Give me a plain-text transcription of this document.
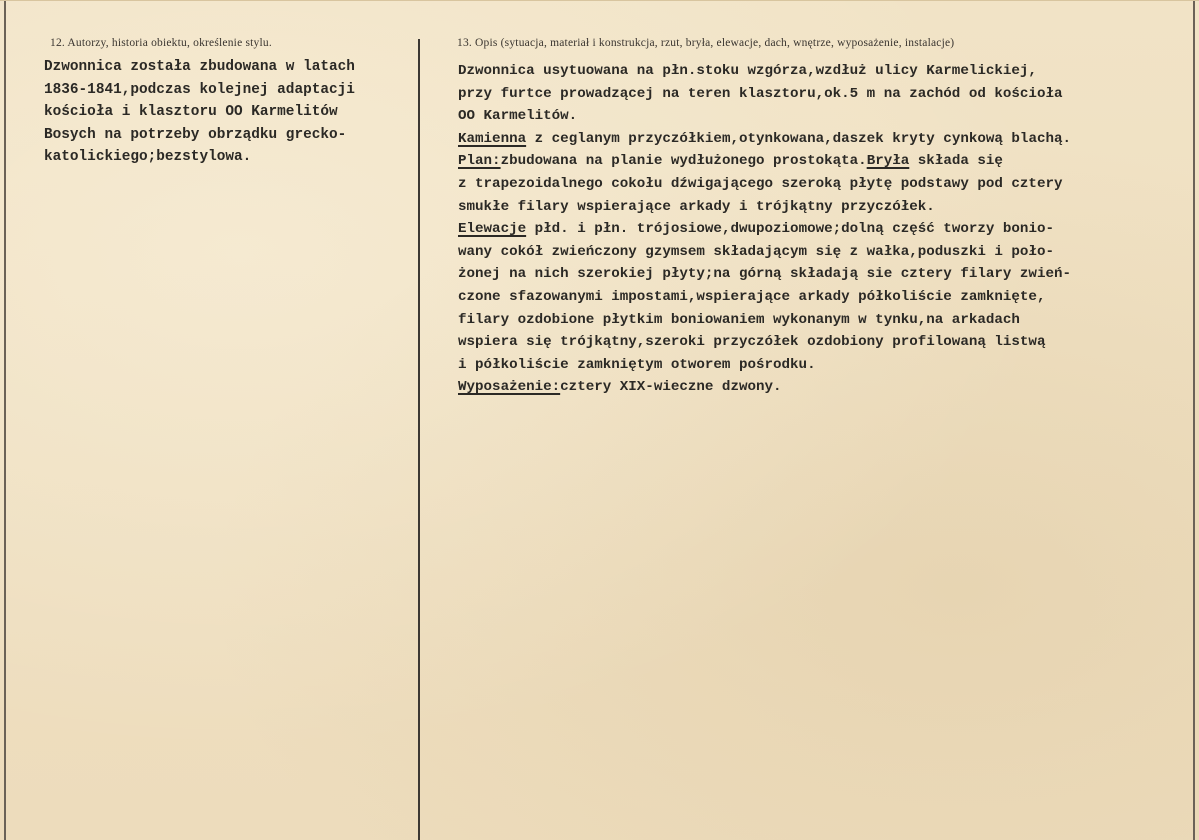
12. Autorzy, historia obiektu, określenie stylu.	13. Opis (sytuacja, materiał i konstrukcja, rzut, bryła, elewacje, dach, wnętrze, wyposażenie, instalacje)
Dzwonnica została zbudowana w latach
1836-1841,podczas kolejnej adaptacji
kościoła i klasztoru OO Karmelitów
Bosych na potrzeby obrządku grecko-
katolickiego;bezstylowa.
Dzwonnica usytuowana na płn.stoku wzgórza,wzdłuż ulicy Karmelickiej,
przy furtce prowadzącej na teren klasztoru,ok.5 m na zachód od kościoła
OO Karmelitów.
Kamienna z ceglanym przyczółkiem,otynkowana,daszek kryty cynkową blachą.
Plan:zbudowana na planie wydłużonego prostokąta.Bryła składa się
z trapezoidalnego cokołu dźwigającego szeroką płytę podstawy pod cztery
smukłe filary wspierające arkady i trójkątny przyczółek.
Elewacje płd. i płn. trójosiowe,dwupoziomowe;dolną część tworzy bonio-
wany cokół zwieńczony gzymsem składającym się z wałka,poduszki i poło-
żonej na nich szerokiej płyty;na górną składają sie cztery filary zwień-
czone sfazowanymi impostami,wspierające arkady półkoliście zamknięte,
filary ozdobione płytkim boniowaniem wykonanym w tynku,na arkadach
wspiera się trójkątny,szeroki przyczółek ozdobiony profilowaną listwą
i półkoliście zamkniętym otworem pośrodku.
Wyposażenie:cztery XIX-wieczne dzwony.
